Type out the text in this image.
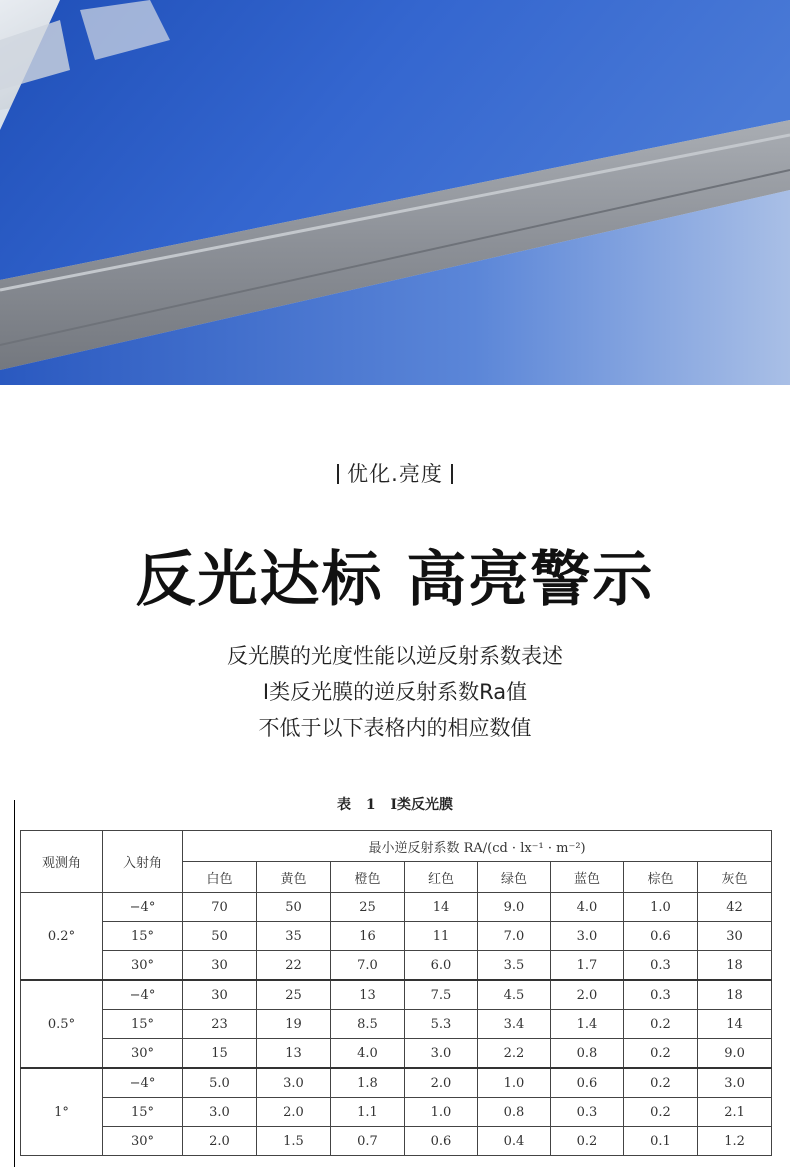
优化.亮度
反光达标 高亮警示
反光膜的光度性能以逆反射系数表述
I类反光膜的逆反射系数Ra值
不低于以下表格内的相应数值
表 1 Ⅰ类反光膜
观测角	入射角	最小逆反射系数 RA/(cd · lx⁻¹ · m⁻²)							
		白色	黄色	橙色	红色	绿色	蓝色	棕色	灰色
0.2°	−4°	70	50	25	14	9.0	4.0	1.0	42
	15°	50	35	16	11	7.0	3.0	0.6	30
	30°	30	22	7.0	6.0	3.5	1.7	0.3	18
0.5°	−4°	30	25	13	7.5	4.5	2.0	0.3	18
	15°	23	19	8.5	5.3	3.4	1.4	0.2	14
	30°	15	13	4.0	3.0	2.2	0.8	0.2	9.0
1°	−4°	5.0	3.0	1.8	2.0	1.0	0.6	0.2	3.0
	15°	3.0	2.0	1.1	1.0	0.8	0.3	0.2	2.1
	30°	2.0	1.5	0.7	0.6	0.4	0.2	0.1	1.2
